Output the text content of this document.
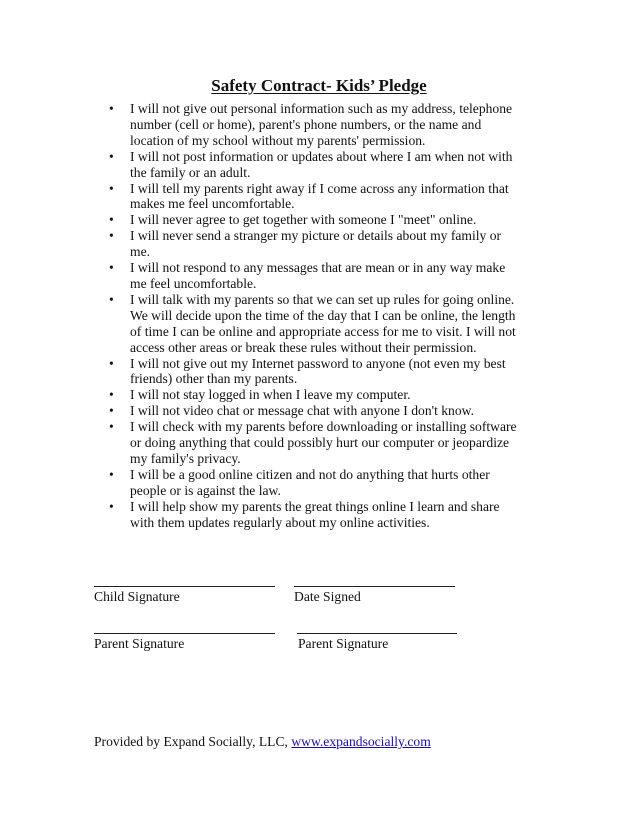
Safety Contract- Kids’ Pledge
• I will not give out personal information such as my address, telephone
number (cell or home), parent's phone numbers, or the name and
location of my school without my parents' permission.
• I will not post information or updates about where I am when not with
the family or an adult.
• I will tell my parents right away if I come across any information that
makes me feel uncomfortable.
• I will never agree to get together with someone I "meet" online.
• I will never send a stranger my picture or details about my family or
me.
• I will not respond to any messages that are mean or in any way make
me feel uncomfortable.
• I will talk with my parents so that we can set up rules for going online.
We will decide upon the time of the day that I can be online, the length
of time I can be online and appropriate access for me to visit. I will not
access other areas or break these rules without their permission.
• I will not give out my Internet password to anyone (not even my best
friends) other than my parents.
• I will not stay logged in when I leave my computer.
• I will not video chat or message chat with anyone I don't know.
• I will check with my parents before downloading or installing software
or doing anything that could possibly hurt our computer or jeopardize
my family's privacy.
• I will be a good online citizen and not do anything that hurts other
people or is against the law.
• I will help show my parents the great things online I learn and share
with them updates regularly about my online activities.
Child Signature	Date Signed
Parent Signature	Parent Signature
Provided by Expand Socially, LLC, www.expandsocially.com
